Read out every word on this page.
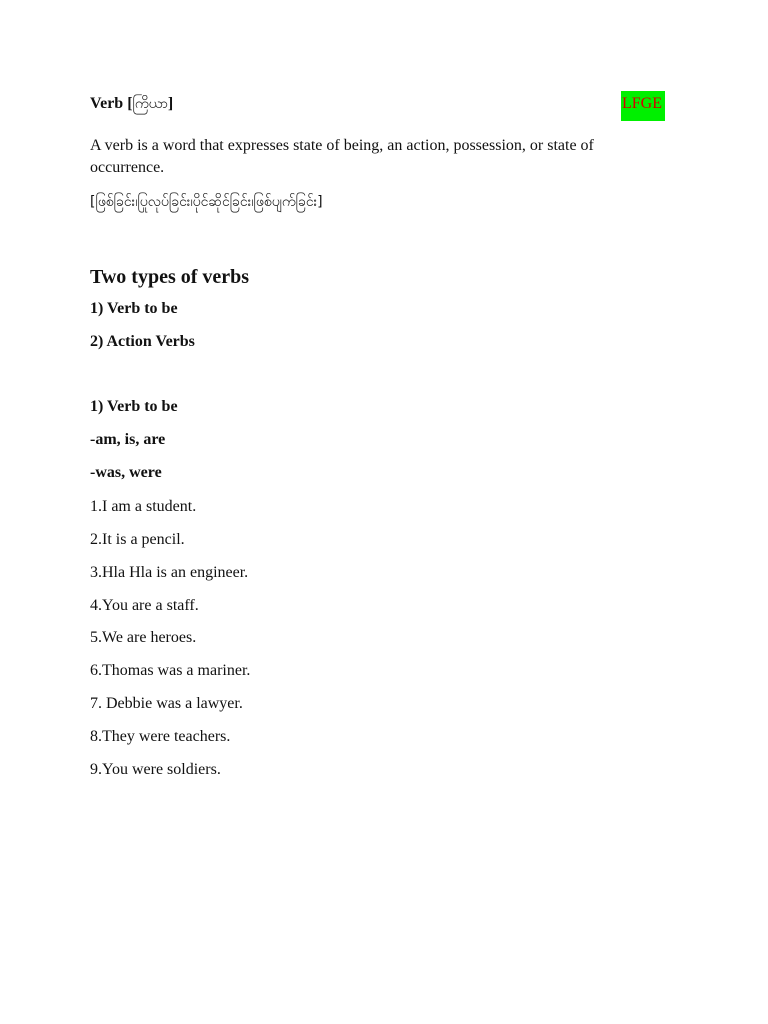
Verb [ကြိယာ]	LFGE
A verb is a word that expresses state of being, an action, possession, or state of occurrence.
[ဖြစ်ခြင်း၊ပြုလုပ်ခြင်း၊ပိုင်ဆိုင်ခြင်း၊ဖြစ်ပျက်ခြင်း]
Two types of verbs
1) Verb to be
2) Action Verbs
1) Verb to be
-am, is, are
-was, were
1.I am a student.
2.It is a pencil.
3.Hla Hla is an engineer.
4.You are a staff.
5.We are heroes.
6.Thomas was a mariner.
7. Debbie was a lawyer.
8.They were teachers.
9.You were soldiers.
